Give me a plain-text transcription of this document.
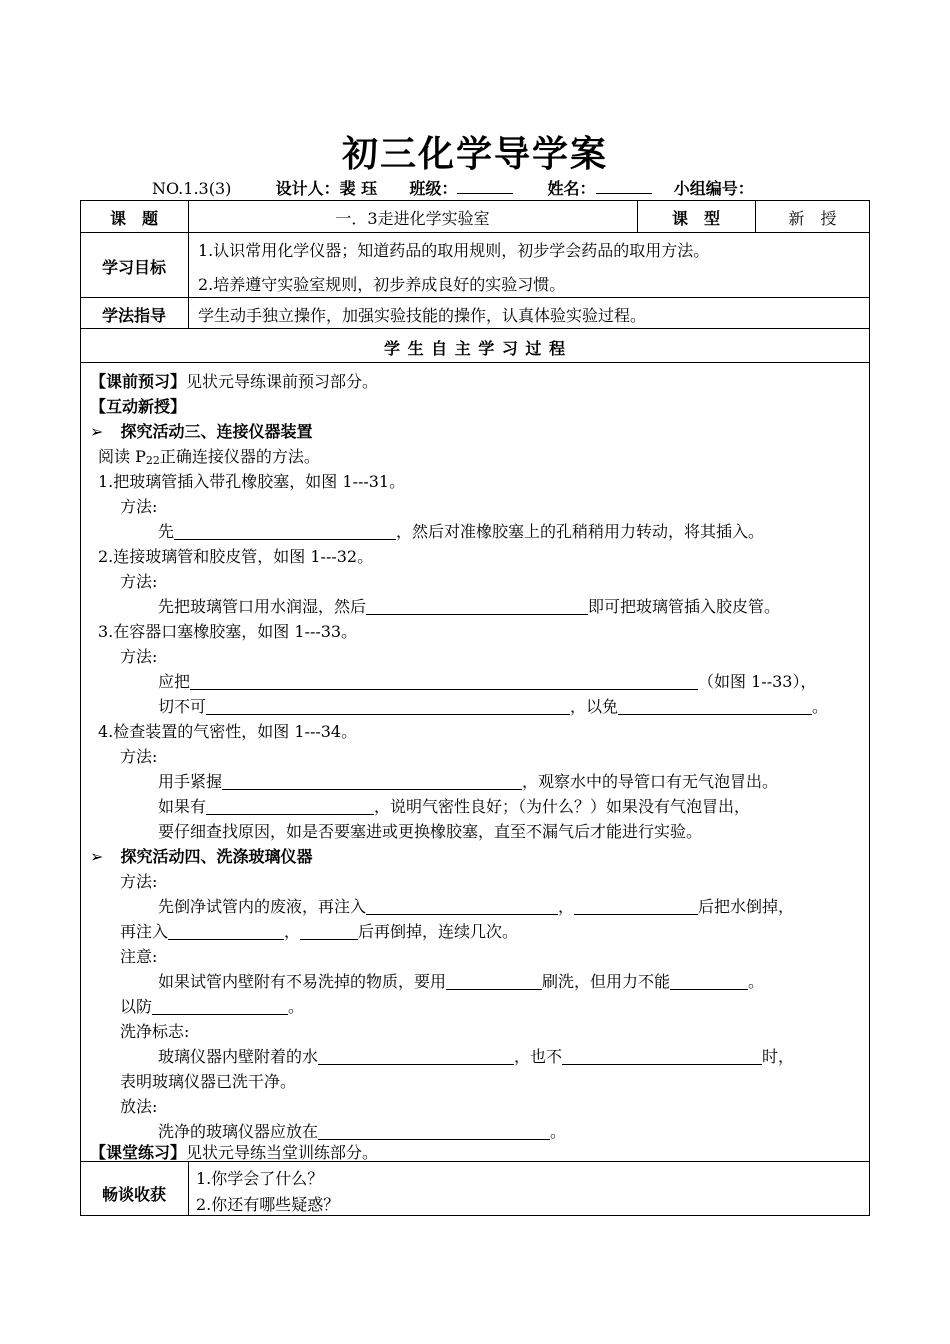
初三化学导学案
NO.1.3(3)	设计人：裴 珏 班级：	姓名：	小组编号：
课　题	一．3走进化学实验室	课　型	新　授
学习目标
1.认识常用化学仪器；知道药品的取用规则，初步学会药品的取用方法。
2.培养遵守实验室规则，初步养成良好的实验习惯。
学法指导	学生动手独立操作，加强实验技能的操作，认真体验实验过程。
学 生 自 主 学 习 过 程
【课前预习】见状元导练课前预习部分。
【互动新授】
➢ 探究活动三、连接仪器装置
阅读 $P_{22}$正确连接仪器的方法。
1.把玻璃管插入带孔橡胶塞，如图 1---31。
方法:
先	，然后对准橡胶塞上的孔稍稍用力转动，将其插入。
2.连接玻璃管和胶皮管，如图 1---32。
方法:
先把玻璃管口用水润湿，然后	即可把玻璃管插入胶皮管。
3.在容器口塞橡胶塞，如图 1---33。
方法:
应把	（如图 1--33），
切不可	，以免	。
4.检查装置的气密性，如图 1---34。
方法:
用手紧握	，观察水中的导管口有无气泡冒出。
如果有	，说明气密性良好；（为什么？）如果没有气泡冒出，
要仔细查找原因，如是否要塞进或更换橡胶塞，直至不漏气后才能进行实验。
➢ 探究活动四、洗涤玻璃仪器
方法:
先倒净试管内的废液，再注入	，	后把水倒掉，
再注入	，	后再倒掉，连续几次。
注意:
如果试管内壁附有不易洗掉的物质，要用	刷洗，但用力不能	。
以防	。
洗净标志:
玻璃仪器内壁附着的水	，也不	时，
表明玻璃仪器已洗干净。
放法:
洗净的玻璃仪器应放在	。
【课堂练习】见状元导练当堂训练部分。
畅谈收获
1.你学会了什么？
2.你还有哪些疑惑？
